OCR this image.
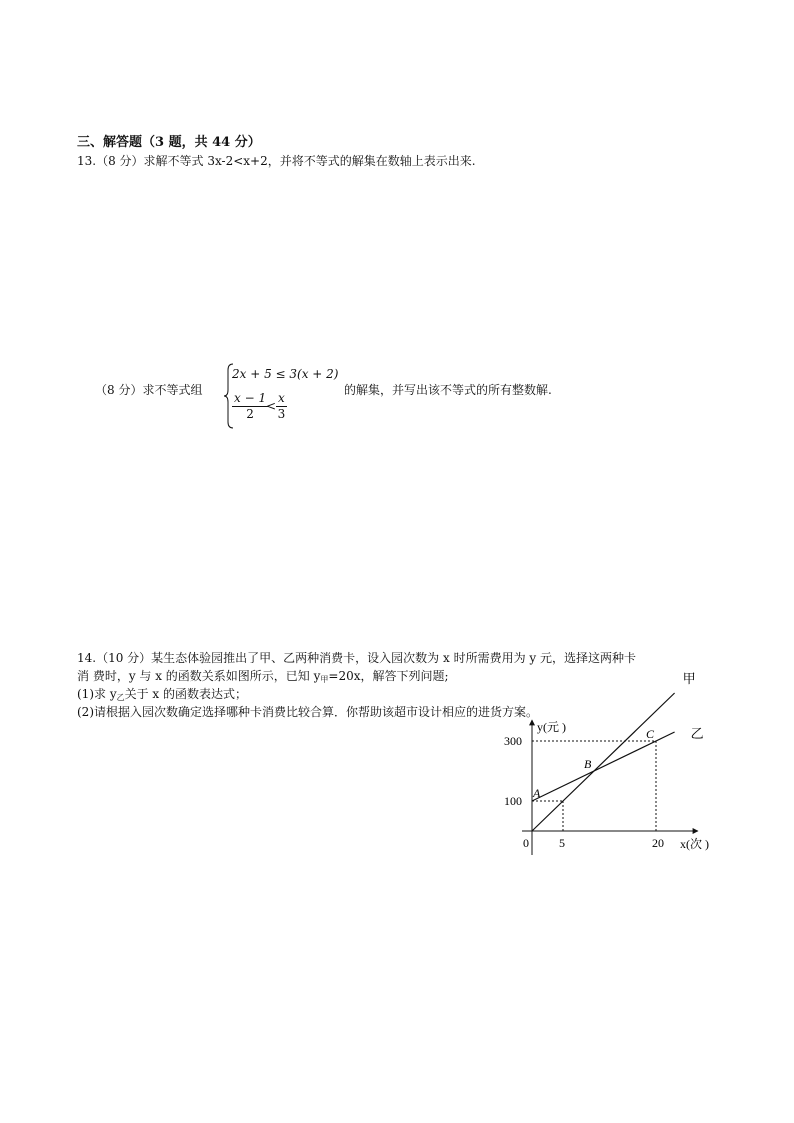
三、解答题（3 题，共 44 分）
13.（8 分）求解不等式 3x-2<x+2，并将不等式的解集在数轴上表示出来.
（8 分）求不等式组
2x + 5 ≤ 3(x + 2)
$\frac{x - 1}{2}$
< $\frac{x}{3}$
的解集，并写出该不等式的所有整数解.
14.（10 分）某生态体验园推出了甲、乙两种消费卡，设入园次数为 x 时所需费用为 y 元，选择这两种卡
消 费时，y 与 x 的函数关系如图所示，已知 $y_甲=20x$，解答下列问题;
(1)求 $y_乙$关于 x 的函数表达式；
(2)请根据入园次数确定选择哪种卡消费比较合算．你帮助该超市设计相应的进货方案。
y(元 )
x(次 )
甲
乙
0	5	20
100
300
A
B
C
